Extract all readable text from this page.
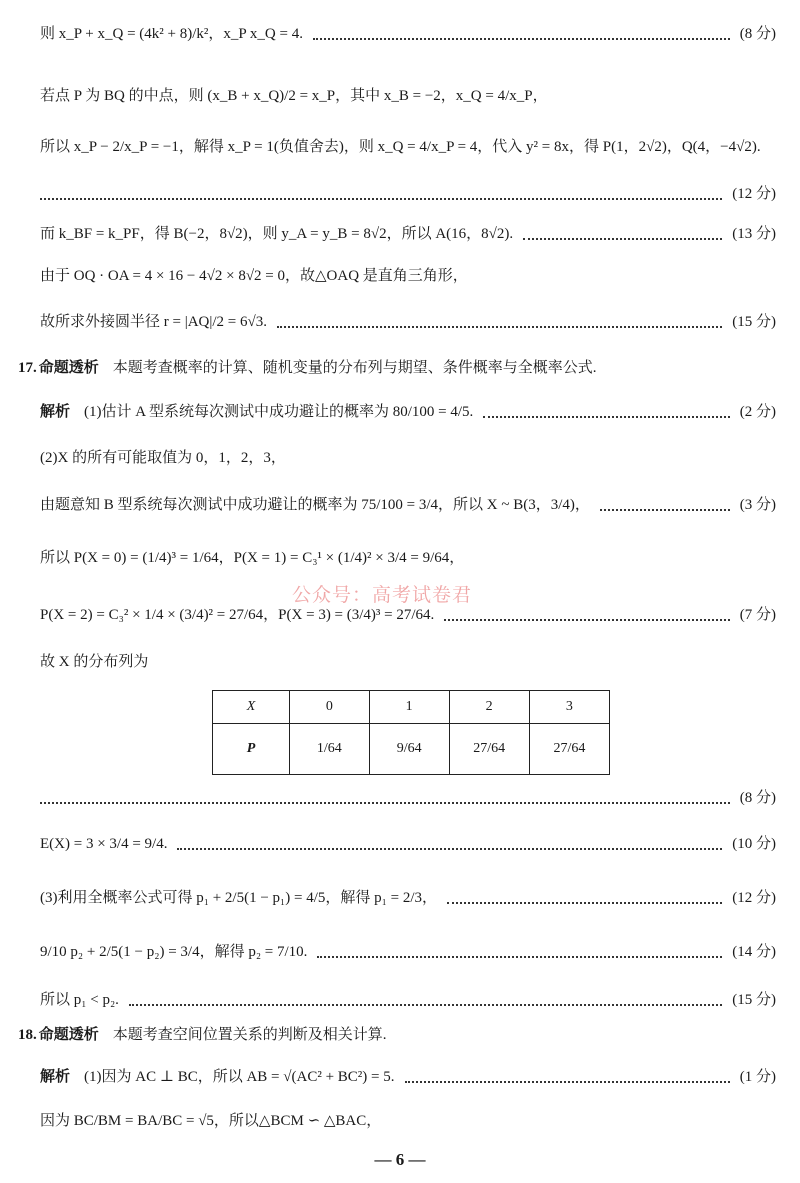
则 x_P + x_Q = (4k² + 8)/k²，x_P x_Q = 4.	(8 分)
若点 P 为 BQ 的中点，则 (x_B + x_Q)/2 = x_P，其中 x_B = −2，x_Q = 4/x_P，
所以 x_P − 2/x_P = −1，解得 x_P = 1(负值舍去)，则 x_Q = 4/x_P = 4，代入 y² = 8x，得 P(1，2√2)，Q(4，−4√2).
(12 分)
而 k_BF = k_PF，得 B(−2，8√2)，则 y_A = y_B = 8√2，所以 A(16，8√2).	(13 分)
由于 OQ · OA = 4 × 16 − 4√2 × 8√2 = 0，故△OAQ 是直角三角形，
故所求外接圆半径 r = |AQ|/2 = 6√3.	(15 分)
17. 命题透析 本题考查概率的计算、随机变量的分布列与期望、条件概率与全概率公式.
解析 (1)估计 A 型系统每次测试中成功避让的概率为 80/100 = 4/5.	(2 分)
(2)X 的所有可能取值为 0，1，2，3，
由题意知 B 型系统每次测试中成功避让的概率为 75/100 = 3/4，所以 X ~ B(3，3/4)，	(3 分)
所以 P(X = 0) = (1/4)³ = 1/64，P(X = 1) = C₃¹ × (1/4)² × 3/4 = 9/64，
公众号：高考试卷君
P(X = 2) = C₃² × 1/4 × (3/4)² = 27/64，P(X = 3) = (3/4)³ = 27/64.	(7 分)
故 X 的分布列为
X	0	1	2	3
P	1/64	9/64	27/64	27/64
(8 分)
E(X) = 3 × 3/4 = 9/4.	(10 分)
(3)利用全概率公式可得 p₁ + 2/5(1 − p₁) = 4/5，解得 p₁ = 2/3，	(12 分)
9/10 p₂ + 2/5(1 − p₂) = 3/4，解得 p₂ = 7/10.	(14 分)
所以 p₁ < p₂.	(15 分)
18. 命题透析 本题考查空间位置关系的判断及相关计算.
解析 (1)因为 AC ⊥ BC，所以 AB = √(AC² + BC²) = 5.	(1 分)
因为 BC/BM = BA/BC = √5，所以△BCM ∽ △BAC，
— 6 —
